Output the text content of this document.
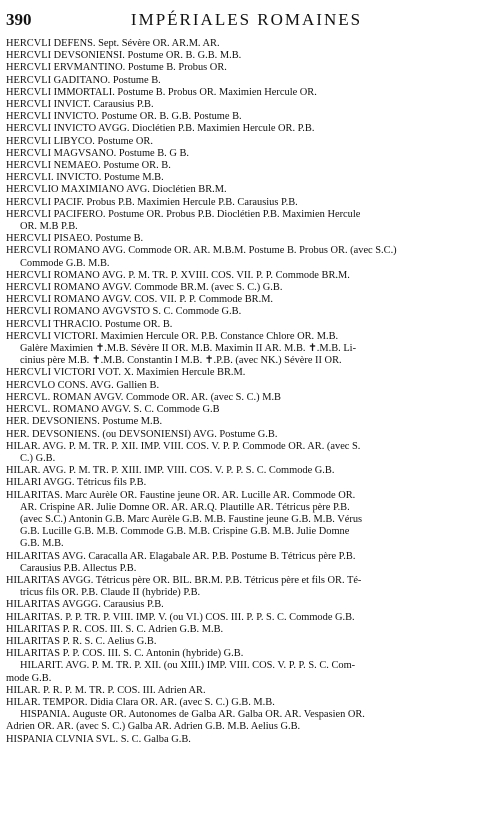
390	IMPÉRIALES ROMAINES
HERCVLI DEFENS. Sept. Sévère OR. AR.M. AR.
HERCVLI DEVSONIENSI. Postume OR. B. G.B. M.B.
HERCVLI ERVMANTINO. Postume B. Probus OR.
HERCVLI GADITANO. Postume B.
HERCVLI IMMORTALI. Postume B. Probus OR. Maximien Hercule OR.
HERCVLI INVICT. Carausius P.B.
HERCVLI INVICTO. Postume OR. B. G.B. Postume B.
HERCVLI INVICTO AVGG. Dioclétien P.B. Maximien Hercule OR. P.B.
HERCVLI LIBYCO. Postume OR.
HERCVLI MAGVSANO. Postume B. G B.
HERCVLI NEMAEO. Postume OR. B.
HERCVLI. INVICTO. Postume M.B.
HERCVLIO MAXIMIANO AVG. Dioclétien BR.M.
HERCVLI PACIF. Probus P.B. Maximien Hercule P.B. Carausius P.B.
HERCVLI PACIFERO. Postume OR. Probus P.B. Dioclétien P.B. Maximien Hercule
OR. M.B P.B.
HERCVLI PISAEO. Postume B.
HERCVLI ROMANO AVG. Commode OR. AR. M.B.M. Postume B. Probus OR. (avec S.C.)
Commode G.B. M.B.
HERCVLI ROMANO AVG. P. M. TR. P. XVIII. COS. VII. P. P. Commode BR.M.
HERCVLI ROMANO AVGV. Commode BR.M. (avec S. C.) G.B.
HERCVLI ROMANO AVGV. COS. VII. P. P. Commode BR.M.
HERCVLI ROMANO AVGVSTO S. C. Commode G.B.
HERCVLI THRACIO. Postume OR. B.
HERCVLI VICTORI. Maximien Hercule OR. P.B. Constance Chlore OR. M.B.
Galère Maximien ✝.M.B. Sévère II OR. M.B. Maximin II AR. M.B. ✝.M.B. Li-
cinius père M.B. ✝.M.B. Constantin I M.B. ✝.P.B. (avec NK.) Sévère II OR.
HERCVLI VICTORI VOT. X. Maximien Hercule BR.M.
HERCVLO CONS. AVG. Gallien B.
HERCVL. ROMAN AVGV. Commode OR. AR. (avec S. C.) M.B
HERCVL. ROMANO AVGV. S. C. Commode G.B
HER. DEVSONIENS. Postume M.B.
HER. DEVSONIENS. (ou DEVSONIENSI) AVG. Postume G.B.
HILAR. AVG. P. M. TR. P. XII. IMP. VIII. COS. V. P. P. Commode OR. AR. (avec S.
C.) G.B.
HILAR. AVG. P. M. TR. P. XIII. IMP. VIII. COS. V. P. P. S. C. Commode G.B.
HILARI AVGG. Tétricus fils P.B.
HILARITAS. Marc Aurèle OR. Faustine jeune OR. AR. Lucille AR. Commode OR.
AR. Crispine AR. Julie Domne OR. AR. AR.Q. Plautille AR. Tétricus père P.B.
(avec S.C.) Antonin G.B. Marc Aurèle G.B. M.B. Faustine jeune G.B. M.B. Vérus
G.B. Lucille G.B. M.B. Commode G.B. M.B. Crispine G.B. M.B. Julie Domne
G.B. M.B.
HILARITAS AVG. Caracalla AR. Elagabale AR. P.B. Postume B. Tétricus père P.B.
Carausius P.B. Allectus P.B.
HILARITAS AVGG. Tétricus père OR. BIL. BR.M. P.B. Tétricus père et fils OR. Té-
tricus fils OR. P.B. Claude II (hybride) P.B.
HILARITAS AVGGG. Carausius P.B.
HILARITAS. P. P. TR. P. VIII. IMP. V. (ou VI.) COS. III. P. P. S. C. Commode G.B.
HILARITAS P. R. COS. III. S. C. Adrien G.B. M.B.
HILARITAS P. R. S. C. Aelius G.B.
HILARITAS P. P. COS. III. S. C. Antonin (hybride) G.B.
HILARIT. AVG. P. M. TR. P. XII. (ou XIII.) IMP. VIII. COS. V. P. P. S. C. Com-
mode G.B.
HILAR. P. R. P. M. TR. P. COS. III. Adrien AR.
HILAR. TEMPOR. Didia Clara OR. AR. (avec S. C.) G.B. M.B.
HISPANIA. Auguste OR. Autonomes de Galba AR. Galba OR. AR. Vespasien OR.
Adrien OR. AR. (avec S. C.) Galba AR. Adrien G.B. M.B. Aelius G.B.
HISPANIA CLVNIA SVL. S. C. Galba G.B.
